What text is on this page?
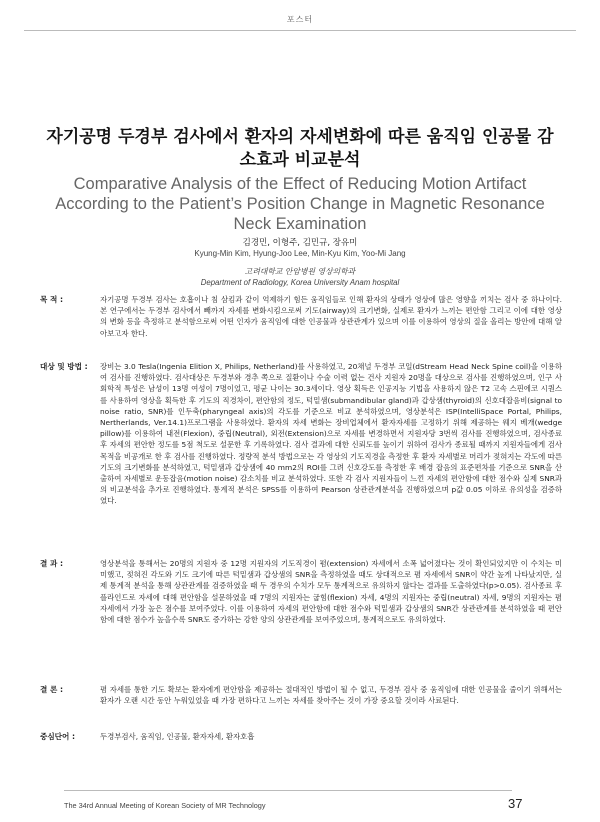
포스터
자기공명 두경부 검사에서 환자의 자세변화에 따른 움직임 인공물 감소효과 비교분석
Comparative Analysis of the Effect of Reducing Motion Artifact According to the Patient’s Position Change in Magnetic Resonance Neck Examination
김경민, 이형주, 김민규, 장유미
Kyung-Min Kim, Hyung-Joo Lee, Min-Kyu Kim, Yoo-Mi Jang
고려대학교 안암병원 영상의학과
Department of Radiology, Korea University Anam hospital
목 적 :	자기공명 두경부 검사는 호흡이나 침 삼킴과 같이 억제하기 힘든 움직임들로 인해 환자의 상태가 영상에 많은 영향을 끼치는 검사 중 하나이다. 본 연구에서는 두경부 검사에서 빼까지 자세를 변화시킴으로써 기도(airway)의 크기변화, 실제로 환자가 느끼는 편안함 그리고 이에 대한 영상의 변화 등을 측정하고 분석함으로써 어떤 인자가 움직임에 대한 인공물과 상관관계가 있으며 이를 이용하여 영상의 질을 올리는 방안에 대해 알아보고자 한다.
대상 및 방법 :	장비는 3.0 Tesla(Ingenia Elition X, Philips, Netherland)를 사용하였고, 20채널 두경부 코일(dStream Head Neck Spine coil)을 이용하여 검사를 진행하였다. 검사대상은 두경부와 경추 쪽으로 질환이나 수술 이력 없는 건사 지원자 20명을 대상으로 검사를 진행하였으며, 인구 사회학적 특성은 남성이 13명 여성이 7명이었고, 평균 나이는 30.3세이다. 영상 획득은 인공지능 기법을 사용하지 않은 T2 고속 스핀에코 시퀀스를 사용하여 영상을 획득한 후 기도의 직경차이, 편안함의 정도, 턱밑샘(submandibular gland)과 갑상샘(thyroid)의 신호대잡음비(signal to noise ratio, SNR)를 인두축(pharyngeal axis)의 각도를 기준으로 비교 분석하였으며, 영상분석은 ISP(IntelliSpace Portal, Philips, Nertherlands, Ver.14.1)프로그램을 사용하였다. 환자의 자세 변화는 장비업체에서 환자자세를 고정하기 위해 제공하는 웨지 베개(wedge pillow)를 이용하여 내전(Flexion), 중립(Neutral), 외전(Extension)으로 자세를 변경하면서 지원자당 3번씩 검사를 진행하였으며, 검사종료 후 자세의 편안한 정도를 5점 척도로 설문한 후 기록하였다. 검사 결과에 대한 신뢰도를 높이기 위하여 검사가 종료될 때까지 지원자들에게 검사목적을 비공개로 한 후 검사를 진행하였다. 정량적 분석 방법으로는 각 영상의 기도직경을 측정한 후 환자 자세별로 머리가 젖혀지는 각도에 따른 기도의 크기변화를 분석하였고, 턱밑샘과 갑상샘에 40 mm2의 ROI를 그려 신호강도를 측정한 후 배경 잡음의 표준편차를 기준으로 SNR을 산출하여 자세별로 운동잡음(motion noise) 감소치를 비교 분석하였다. 또한 각 검사 지원자들이 느낀 자세의 편안함에 대한 점수와 실제 SNR과의 비교분석을 추가로 진행하였다. 통계적 분석은 SPSS를 이용하여 Pearson 상관관계분석을 진행하였으며 p값 0.05 이하로 유의성을 검증하였다.
결 과 :	영상분석을 통해서는 20명의 지원자 중 12명 지원자의 기도직경이 폄(extension) 자세에서 소폭 넓어졌다는 것이 확인되었지만 이 수치는 미미했고, 젖혀진 각도와 기도 크기에 따른 턱밑샘과 갑상샘의 SNR을 측정하였을 때도 상대적으로 폄 자세에서 SNR이 약간 높게 나타났지만, 실제 통계적 분석을 통해 상관관계를 검증하였을 때 두 경우의 수치가 모두 통계적으로 유의하지 않다는 결과를 도출하였다(p>0.05). 검사종료 후 플라인드로 자세에 대해 편안함을 설문하였을 때 7명의 지원자는 굽힘(flexion) 자세, 4명의 지원자는 중립(neutral) 자세, 9명의 지원자는 폄 자세에서 가장 높은 점수를 보여주었다. 이를 이용하여 자세의 편안함에 대한 점수와 턱밑샘과 갑상샘의 SNR간 상관관계를 분석하였을 때 편안함에 대한 점수가 높을수록 SNR도 증가하는 강한 양의 상관관계를 보여주었으며, 통계적으로도 유의하였다.
결 론 :	폄 자세를 통한 기도 확보는 환자에게 편안함을 제공하는 절대적인 방법이 될 수 없고, 두경부 검사 중 움직임에 대한 인공물을 줄이기 위해서는 환자가 오랜 시간 동안 누워있었을 때 가장 편하다고 느끼는 자세를 찾아주는 것이 가장 중요할 것이라 사료된다.
중심단어 :	두경부검사, 움직임, 인공물, 환자자세, 환자호흡
The 34rd Annual Meeting of Korean Society of MR Technology	37
